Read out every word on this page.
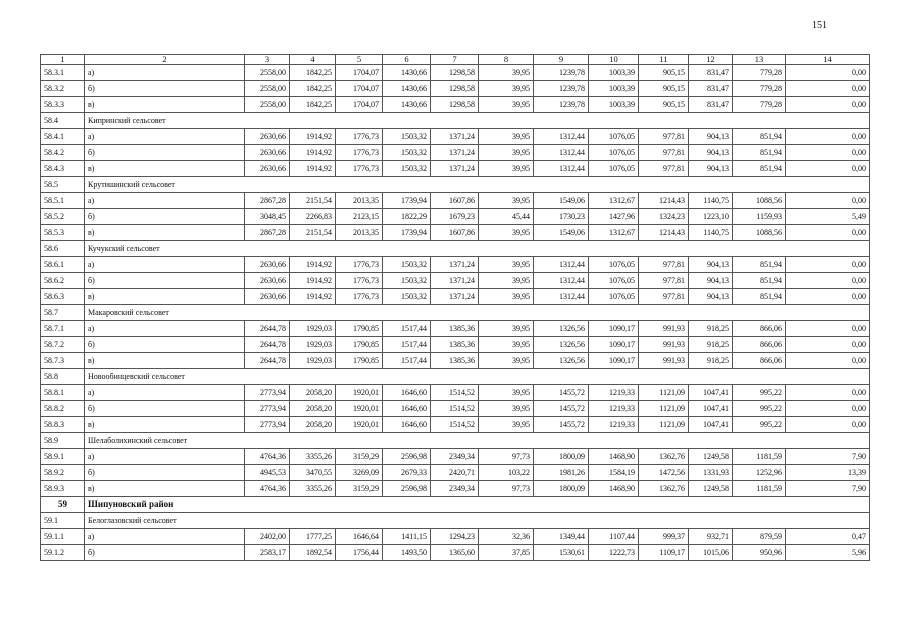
151
1	2	3	4	5	6	7	8	9	10	11	12	13	14
58.3.1	а)	2558,00	1842,25	1704,07	1430,66	1298,58	39,95	1239,78	1003,39	905,15	831,47	779,28	0,00
58.3.2	б)	2558,00	1842,25	1704,07	1430,66	1298,58	39,95	1239,78	1003,39	905,15	831,47	779,28	0,00
58.3.3	в)	2558,00	1842,25	1704,07	1430,66	1298,58	39,95	1239,78	1003,39	905,15	831,47	779,28	0,00
58.4	Кипринский сельсовет												
58.4.1	а)	2630,66	1914,92	1776,73	1503,32	1371,24	39,95	1312,44	1076,05	977,81	904,13	851,94	0,00
58.4.2	б)	2630,66	1914,92	1776,73	1503,32	1371,24	39,95	1312,44	1076,05	977,81	904,13	851,94	0,00
58.4.3	в)	2630,66	1914,92	1776,73	1503,32	1371,24	39,95	1312,44	1076,05	977,81	904,13	851,94	0,00
58.5	Крутишинский сельсовет												
58.5.1	а)	2867,28	2151,54	2013,35	1739,94	1607,86	39,95	1549,06	1312,67	1214,43	1140,75	1088,56	0,00
58.5.2	б)	3048,45	2266,83	2123,15	1822,29	1679,23	45,44	1730,23	1427,96	1324,23	1223,10	1159,93	5,49
58.5.3	в)	2867,28	2151,54	2013,35	1739,94	1607,86	39,95	1549,06	1312,67	1214,43	1140,75	1088,56	0,00
58.6	Кучукский сельсовет												
58.6.1	а)	2630,66	1914,92	1776,73	1503,32	1371,24	39,95	1312,44	1076,05	977,81	904,13	851,94	0,00
58.6.2	б)	2630,66	1914,92	1776,73	1503,32	1371,24	39,95	1312,44	1076,05	977,81	904,13	851,94	0,00
58.6.3	в)	2630,66	1914,92	1776,73	1503,32	1371,24	39,95	1312,44	1076,05	977,81	904,13	851,94	0,00
58.7	Макаровский сельсовет												
58.7.1	а)	2644,78	1929,03	1790,85	1517,44	1385,36	39,95	1326,56	1090,17	991,93	918,25	866,06	0,00
58.7.2	б)	2644,78	1929,03	1790,85	1517,44	1385,36	39,95	1326,56	1090,17	991,93	918,25	866,06	0,00
58.7.3	в)	2644,78	1929,03	1790,85	1517,44	1385,36	39,95	1326,56	1090,17	991,93	918,25	866,06	0,00
58.8	Новообинцевский сельсовет												
58.8.1	а)	2773,94	2058,20	1920,01	1646,60	1514,52	39,95	1455,72	1219,33	1121,09	1047,41	995,22	0,00
58.8.2	б)	2773,94	2058,20	1920,01	1646,60	1514,52	39,95	1455,72	1219,33	1121,09	1047,41	995,22	0,00
58.8.3	в)	2773,94	2058,20	1920,01	1646,60	1514,52	39,95	1455,72	1219,33	1121,09	1047,41	995,22	0,00
58.9	Шелаболихинский сельсовет												
58.9.1	а)	4764,36	3355,26	3159,29	2596,98	2349,34	97,73	1800,09	1468,90	1362,76	1249,58	1181,59	7,90
58.9.2	б)	4945,53	3470,55	3269,09	2679,33	2420,71	103,22	1981,26	1584,19	1472,56	1331,93	1252,96	13,39
58.9.3	в)	4764,36	3355,26	3159,29	2596,98	2349,34	97,73	1800,09	1468,90	1362,76	1249,58	1181,59	7,90
59	Шипуновский район												
59.1	Белоглазовский сельсовет												
59.1.1	а)	2402,00	1777,25	1646,64	1411,15	1294,23	32,36	1349,44	1107,44	999,37	932,71	879,59	0,47
59.1.2	б)	2583,17	1892,54	1756,44	1493,50	1365,60	37,85	1530,61	1222,73	1109,17	1015,06	950,96	5,96
